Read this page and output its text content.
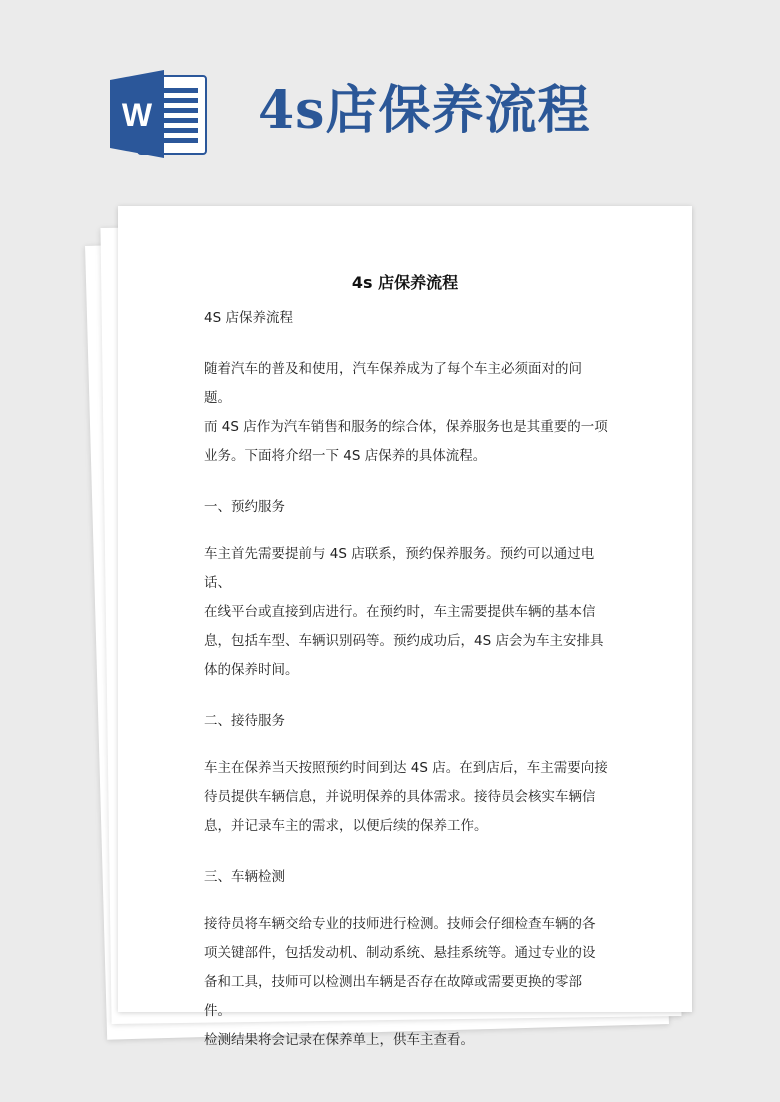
W 4s店保养流程
4s 店保养流程

4S 店保养流程

随着汽车的普及和使用，汽车保养成为了每个车主必须面对的问题。

而 4S 店作为汽车销售和服务的综合体，保养服务也是其重要的一项

业务。下面将介绍一下 4S 店保养的具体流程。

一、预约服务

车主首先需要提前与 4S 店联系，预约保养服务。预约可以通过电话、

在线平台或直接到店进行。在预约时，车主需要提供车辆的基本信

息，包括车型、车辆识别码等。预约成功后，4S 店会为车主安排具

体的保养时间。

二、接待服务

车主在保养当天按照预约时间到达 4S 店。在到店后，车主需要向接

待员提供车辆信息，并说明保养的具体需求。接待员会核实车辆信

息，并记录车主的需求，以便后续的保养工作。

三、车辆检测

接待员将车辆交给专业的技师进行检测。技师会仔细检查车辆的各

项关键部件，包括发动机、制动系统、悬挂系统等。通过专业的设

备和工具，技师可以检测出车辆是否存在故障或需要更换的零部件。

检测结果将会记录在保养单上，供车主查看。
